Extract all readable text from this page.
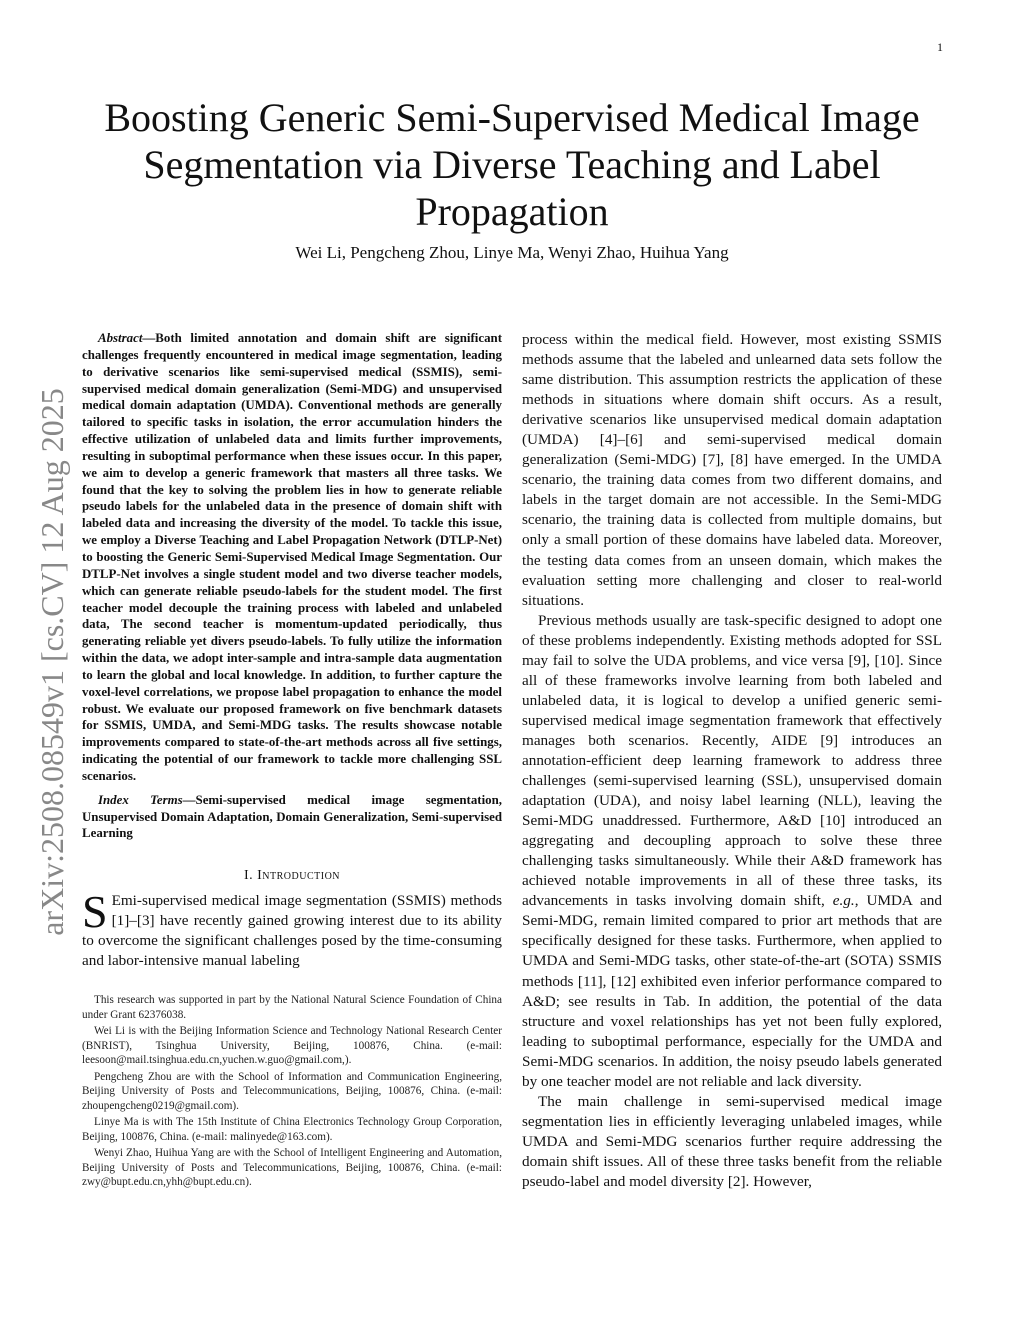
1
arXiv:2508.08549v1 [cs.CV] 12 Aug 2025
Boosting Generic Semi-Supervised Medical Image Segmentation via Diverse Teaching and Label Propagation
Wei Li, Pengcheng Zhou, Linye Ma, Wenyi Zhao, Huihua Yang

Abstract—Both limited annotation and domain shift are significant challenges frequently encountered in medical image segmentation, leading to derivative scenarios like semi-supervised medical (SSMIS), semi-supervised medical domain generalization (Semi-MDG) and unsupervised medical domain adaptation (UMDA). Conventional methods are generally tailored to specific tasks in isolation, the error accumulation hinders the effective utilization of unlabeled data and limits further improvements, resulting in suboptimal performance when these issues occur. In this paper, we aim to develop a generic framework that masters all three tasks. We found that the key to solving the problem lies in how to generate reliable pseudo labels for the unlabeled data in the presence of domain shift with labeled data and increasing the diversity of the model. To tackle this issue, we employ a Diverse Teaching and Label Propagation Network (DTLP-Net) to boosting the Generic Semi-Supervised Medical Image Segmentation. Our DTLP-Net involves a single student model and two diverse teacher models, which can generate reliable pseudo-labels for the student model. The first teacher model decouple the training process with labeled and unlabeled data, The second teacher is momentum-updated periodically, thus generating reliable yet divers pseudo-labels. To fully utilize the information within the data, we adopt inter-sample and intra-sample data augmentation to learn the global and local knowledge. In addition, to further capture the voxel-level correlations, we propose label propagation to enhance the model robust. We evaluate our proposed framework on five benchmark datasets for SSMIS, UMDA, and Semi-MDG tasks. The results showcase notable improvements compared to state-of-the-art methods across all five settings, indicating the potential of our framework to tackle more challenging SSL scenarios.

Index Terms—Semi-supervised medical image segmentation, Unsupervised Domain Adaptation, Domain Generalization, Semi-supervised Learning

I. Introduction
S Emi-supervised medical image segmentation (SSMIS) methods [1]–[3] have recently gained growing interest due to its ability to overcome the significant challenges posed by the time-consuming and labor-intensive manual labeling

This research was supported in part by the National Natural Science Foundation of China under Grant 62376038.

Wei Li is with the Beijing Information Science and Technology National Research Center (BNRIST), Tsinghua University, Beijing, 100876, China. (e-mail: leesoon@mail.tsinghua.edu.cn,yuchen.w.guo@gmail.com,).

Pengcheng Zhou are with the School of Information and Communication Engineering, Beijing University of Posts and Telecommunications, Beijing, 100876, China. (e-mail: zhoupengcheng0219@gmail.com).

Linye Ma is with The 15th Institute of China Electronics Technology Group Corporation, Beijing, 100876, China. (e-mail: malinyede@163.com).

Wenyi Zhao, Huihua Yang are with the School of Intelligent Engineering and Automation, Beijing University of Posts and Telecommunications, Beijing, 100876, China. (e-mail: zwy@bupt.edu.cn,yhh@bupt.edu.cn).

process within the medical field. However, most existing SSMIS methods assume that the labeled and unlearned data sets follow the same distribution. This assumption restricts the application of these methods in situations where domain shift occurs. As a result, derivative scenarios like unsupervised medical domain adaptation (UMDA) [4]–[6] and semi-supervised medical domain generalization (Semi-MDG) [7], [8] have emerged. In the UMDA scenario, the training data comes from two different domains, and labels in the target domain are not accessible. In the Semi-MDG scenario, the training data is collected from multiple domains, but only a small portion of these domains have labeled data. Moreover, the testing data comes from an unseen domain, which makes the evaluation setting more challenging and closer to real-world situations.

Previous methods usually are task-specific designed to adopt one of these problems independently. Existing methods adopted for SSL may fail to solve the UDA problems, and vice versa [9], [10]. Since all of these frameworks involve learning from both labeled and unlabeled data, it is logical to develop a unified generic semi-supervised medical image segmentation framework that effectively manages both scenarios. Recently, AIDE [9] introduces an annotation-efficient deep learning framework to address three challenges (semi-supervised learning (SSL), unsupervised domain adaptation (UDA), and noisy label learning (NLL), leaving the Semi-MDG unaddressed. Furthermore, A&D [10] introduced an aggregating and decoupling approach to solve these three challenging tasks simultaneously. While their A&D framework has achieved notable improvements in all of these three tasks, its advancements in tasks involving domain shift, e.g., UMDA and Semi-MDG, remain limited compared to prior art methods that are specifically designed for these tasks. Furthermore, when applied to UMDA and Semi-MDG tasks, other state-of-the-art (SOTA) SSMIS methods [11], [12] exhibited even inferior performance compared to A&D; see results in Tab. In addition, the potential of the data structure and voxel relationships has yet not been fully explored, leading to suboptimal performance, especially for the UMDA and Semi-MDG scenarios. In addition, the noisy pseudo labels generated by one teacher model are not reliable and lack diversity.

The main challenge in semi-supervised medical image segmentation lies in efficiently leveraging unlabeled images, while UMDA and Semi-MDG scenarios further require addressing the domain shift issues. All of these three tasks benefit from the reliable pseudo-label and model diversity [2]. However,
